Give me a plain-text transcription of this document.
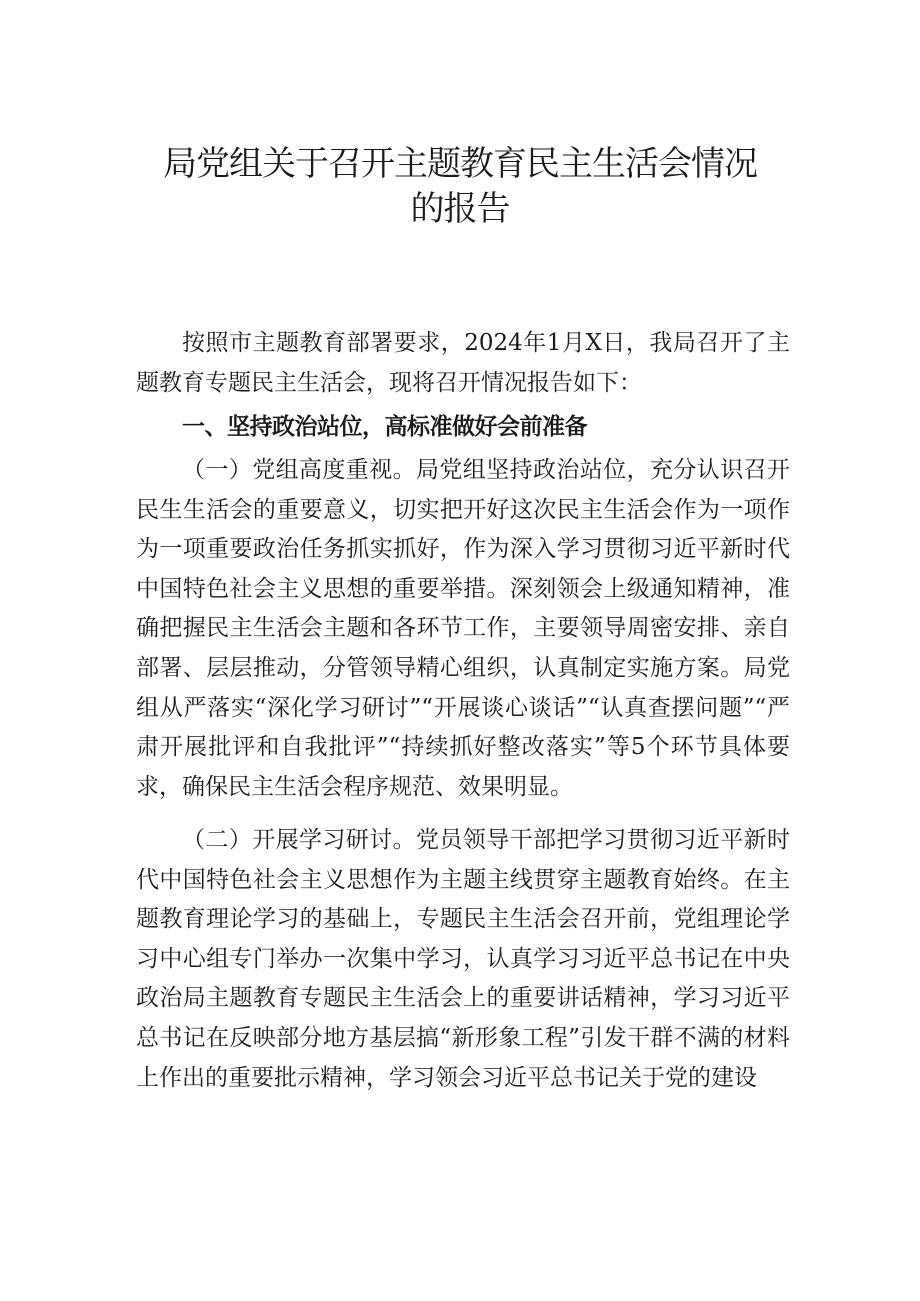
局党组关于召开主题教育民主生活会情况
的报告

按照市主题教育部署要求，2024年1月X日，我局召开了主题教育专题民主生活会，现将召开情况报告如下：

一、坚持政治站位，高标准做好会前准备

（一）党组高度重视。局党组坚持政治站位，充分认识召开民生生活会的重要意义，切实把开好这次民主生活会作为一项作为一项重要政治任务抓实抓好，作为深入学习贯彻习近平新时代中国特色社会主义思想的重要举措。深刻领会上级通知精神，准确把握民主生活会主题和各环节工作，主要领导周密安排、亲自部署、层层推动，分管领导精心组织，认真制定实施方案。局党组从严落实“深化学习研讨”“开展谈心谈话”“认真查摆问题”“严肃开展批评和自我批评”“持续抓好整改落实”等5个环节具体要求，确保民主生活会程序规范、效果明显。

（二）开展学习研讨。党员领导干部把学习贯彻习近平新时代中国特色社会主义思想作为主题主线贯穿主题教育始终。在主题教育理论学习的基础上，专题民主生活会召开前，党组理论学习中心组专门举办一次集中学习，认真学习习近平总书记在中央政治局主题教育专题民主生活会上的重要讲话精神，学习习近平总书记在反映部分地方基层搞“新形象工程”引发干群不满的材料上作出的重要批示精神，学习领会习近平总书记关于党的建设
